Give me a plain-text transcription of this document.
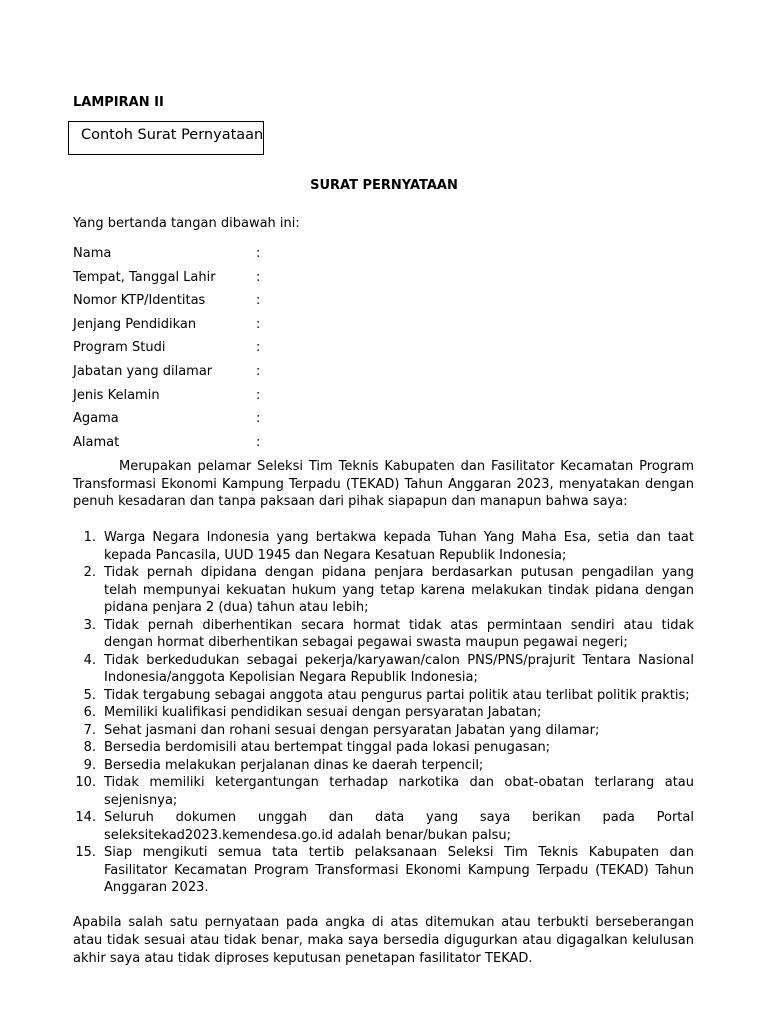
LAMPIRAN II
Contoh Surat Pernyataan
SURAT PERNYATAAN
Yang bertanda tangan dibawah ini:
Nama	:
Tempat, Tanggal Lahir	:
Nomor KTP/Identitas	:
Jenjang Pendidikan	:
Program Studi	:
Jabatan yang dilamar	:
Jenis Kelamin	:
Agama	:
Alamat	:
Merupakan pelamar Seleksi Tim Teknis Kabupaten dan Fasilitator Kecamatan Program Transformasi Ekonomi Kampung Terpadu (TEKAD) Tahun Anggaran 2023, menyatakan dengan penuh kesadaran dan tanpa paksaan dari pihak siapapun dan manapun bahwa saya:
1. Warga Negara Indonesia yang bertakwa kepada Tuhan Yang Maha Esa, setia dan taat kepada Pancasila, UUD 1945 dan Negara Kesatuan Republik Indonesia;
2. Tidak pernah dipidana dengan pidana penjara berdasarkan putusan pengadilan yang telah mempunyai kekuatan hukum yang tetap karena melakukan tindak pidana dengan pidana penjara 2 (dua) tahun atau lebih;
3. Tidak pernah diberhentikan secara hormat tidak atas permintaan sendiri atau tidak dengan hormat diberhentikan sebagai pegawai swasta maupun pegawai negeri;
4. Tidak berkedudukan sebagai pekerja/karyawan/calon PNS/PNS/prajurit Tentara Nasional Indonesia/anggota Kepolisian Negara Republik Indonesia;
5. Tidak tergabung sebagai anggota atau pengurus partai politik atau terlibat politik praktis;
6. Memiliki kualifikasi pendidikan sesuai dengan persyaratan Jabatan;
7. Sehat jasmani dan rohani sesuai dengan persyaratan Jabatan yang dilamar;
8. Bersedia berdomisili atau bertempat tinggal pada lokasi penugasan;
9. Bersedia melakukan perjalanan dinas ke daerah terpencil;
10. Tidak memiliki ketergantungan terhadap narkotika dan obat-obatan terlarang atau sejenisnya;
14. Seluruh dokumen unggah dan data yang saya berikan pada Portal seleksitekad2023.kemendesa.go.id adalah benar/bukan palsu;
15. Siap mengikuti semua tata tertib pelaksanaan Seleksi Tim Teknis Kabupaten dan Fasilitator Kecamatan Program Transformasi Ekonomi Kampung Terpadu (TEKAD) Tahun Anggaran 2023.
Apabila salah satu pernyataan pada angka di atas ditemukan atau terbukti berseberangan atau tidak sesuai atau tidak benar, maka saya bersedia digugurkan atau digagalkan kelulusan akhir saya atau tidak diproses keputusan penetapan fasilitator TEKAD.
